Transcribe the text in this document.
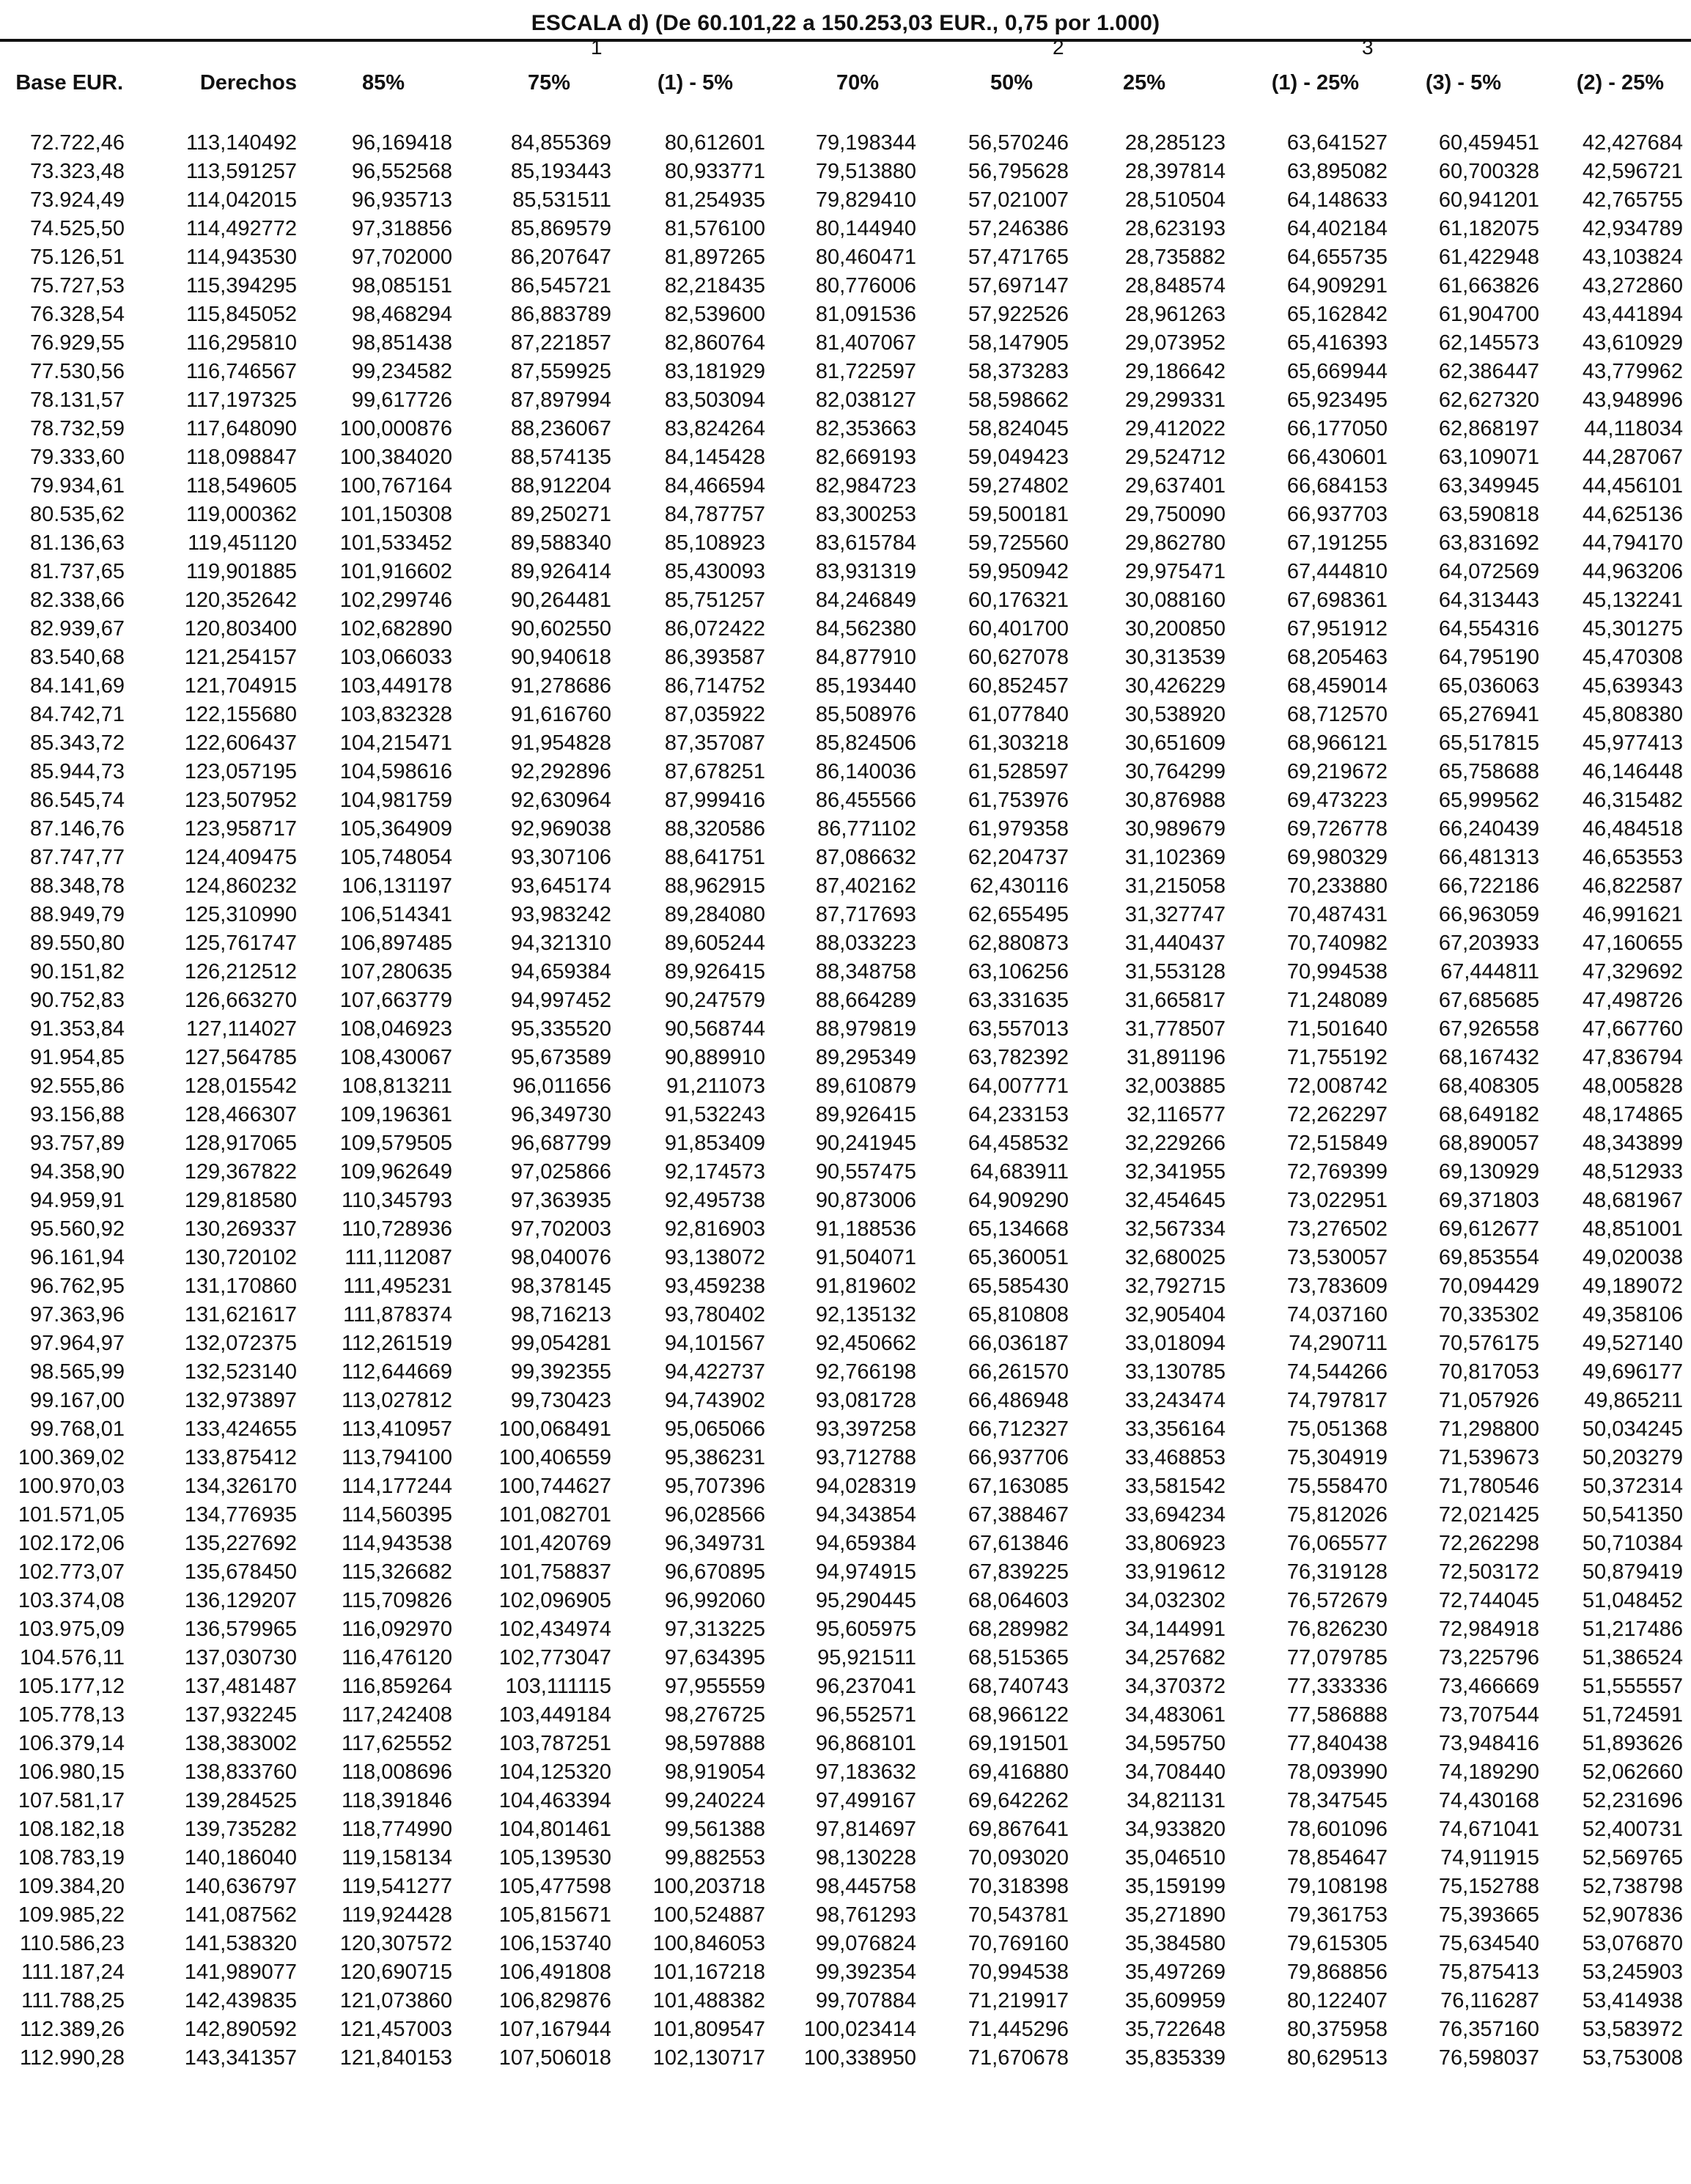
ESCALA d) (De 60.101,22 a 150.253,03 EUR., 0,75 por 1.000)
1	2	3
Base EUR.	Derechos	85%	75%	(1) - 5%	70%	50%	25%	(1) - 25%	(3) - 5%	(2) - 25%
72.722,46	113,140492	96,169418	84,855369	80,612601	79,198344	56,570246	28,285123	63,641527	60,459451	42,427684
73.323,48	113,591257	96,552568	85,193443	80,933771	79,513880	56,795628	28,397814	63,895082	60,700328	42,596721
73.924,49	114,042015	96,935713	85,531511	81,254935	79,829410	57,021007	28,510504	64,148633	60,941201	42,765755
74.525,50	114,492772	97,318856	85,869579	81,576100	80,144940	57,246386	28,623193	64,402184	61,182075	42,934789
75.126,51	114,943530	97,702000	86,207647	81,897265	80,460471	57,471765	28,735882	64,655735	61,422948	43,103824
75.727,53	115,394295	98,085151	86,545721	82,218435	80,776006	57,697147	28,848574	64,909291	61,663826	43,272860
76.328,54	115,845052	98,468294	86,883789	82,539600	81,091536	57,922526	28,961263	65,162842	61,904700	43,441894
76.929,55	116,295810	98,851438	87,221857	82,860764	81,407067	58,147905	29,073952	65,416393	62,145573	43,610929
77.530,56	116,746567	99,234582	87,559925	83,181929	81,722597	58,373283	29,186642	65,669944	62,386447	43,779962
78.131,57	117,197325	99,617726	87,897994	83,503094	82,038127	58,598662	29,299331	65,923495	62,627320	43,948996
78.732,59	117,648090	100,000876	88,236067	83,824264	82,353663	58,824045	29,412022	66,177050	62,868197	44,118034
79.333,60	118,098847	100,384020	88,574135	84,145428	82,669193	59,049423	29,524712	66,430601	63,109071	44,287067
79.934,61	118,549605	100,767164	88,912204	84,466594	82,984723	59,274802	29,637401	66,684153	63,349945	44,456101
80.535,62	119,000362	101,150308	89,250271	84,787757	83,300253	59,500181	29,750090	66,937703	63,590818	44,625136
81.136,63	119,451120	101,533452	89,588340	85,108923	83,615784	59,725560	29,862780	67,191255	63,831692	44,794170
81.737,65	119,901885	101,916602	89,926414	85,430093	83,931319	59,950942	29,975471	67,444810	64,072569	44,963206
82.338,66	120,352642	102,299746	90,264481	85,751257	84,246849	60,176321	30,088160	67,698361	64,313443	45,132241
82.939,67	120,803400	102,682890	90,602550	86,072422	84,562380	60,401700	30,200850	67,951912	64,554316	45,301275
83.540,68	121,254157	103,066033	90,940618	86,393587	84,877910	60,627078	30,313539	68,205463	64,795190	45,470308
84.141,69	121,704915	103,449178	91,278686	86,714752	85,193440	60,852457	30,426229	68,459014	65,036063	45,639343
84.742,71	122,155680	103,832328	91,616760	87,035922	85,508976	61,077840	30,538920	68,712570	65,276941	45,808380
85.343,72	122,606437	104,215471	91,954828	87,357087	85,824506	61,303218	30,651609	68,966121	65,517815	45,977413
85.944,73	123,057195	104,598616	92,292896	87,678251	86,140036	61,528597	30,764299	69,219672	65,758688	46,146448
86.545,74	123,507952	104,981759	92,630964	87,999416	86,455566	61,753976	30,876988	69,473223	65,999562	46,315482
87.146,76	123,958717	105,364909	92,969038	88,320586	86,771102	61,979358	30,989679	69,726778	66,240439	46,484518
87.747,77	124,409475	105,748054	93,307106	88,641751	87,086632	62,204737	31,102369	69,980329	66,481313	46,653553
88.348,78	124,860232	106,131197	93,645174	88,962915	87,402162	62,430116	31,215058	70,233880	66,722186	46,822587
88.949,79	125,310990	106,514341	93,983242	89,284080	87,717693	62,655495	31,327747	70,487431	66,963059	46,991621
89.550,80	125,761747	106,897485	94,321310	89,605244	88,033223	62,880873	31,440437	70,740982	67,203933	47,160655
90.151,82	126,212512	107,280635	94,659384	89,926415	88,348758	63,106256	31,553128	70,994538	67,444811	47,329692
90.752,83	126,663270	107,663779	94,997452	90,247579	88,664289	63,331635	31,665817	71,248089	67,685685	47,498726
91.353,84	127,114027	108,046923	95,335520	90,568744	88,979819	63,557013	31,778507	71,501640	67,926558	47,667760
91.954,85	127,564785	108,430067	95,673589	90,889910	89,295349	63,782392	31,891196	71,755192	68,167432	47,836794
92.555,86	128,015542	108,813211	96,011656	91,211073	89,610879	64,007771	32,003885	72,008742	68,408305	48,005828
93.156,88	128,466307	109,196361	96,349730	91,532243	89,926415	64,233153	32,116577	72,262297	68,649182	48,174865
93.757,89	128,917065	109,579505	96,687799	91,853409	90,241945	64,458532	32,229266	72,515849	68,890057	48,343899
94.358,90	129,367822	109,962649	97,025866	92,174573	90,557475	64,683911	32,341955	72,769399	69,130929	48,512933
94.959,91	129,818580	110,345793	97,363935	92,495738	90,873006	64,909290	32,454645	73,022951	69,371803	48,681967
95.560,92	130,269337	110,728936	97,702003	92,816903	91,188536	65,134668	32,567334	73,276502	69,612677	48,851001
96.161,94	130,720102	111,112087	98,040076	93,138072	91,504071	65,360051	32,680025	73,530057	69,853554	49,020038
96.762,95	131,170860	111,495231	98,378145	93,459238	91,819602	65,585430	32,792715	73,783609	70,094429	49,189072
97.363,96	131,621617	111,878374	98,716213	93,780402	92,135132	65,810808	32,905404	74,037160	70,335302	49,358106
97.964,97	132,072375	112,261519	99,054281	94,101567	92,450662	66,036187	33,018094	74,290711	70,576175	49,527140
98.565,99	132,523140	112,644669	99,392355	94,422737	92,766198	66,261570	33,130785	74,544266	70,817053	49,696177
99.167,00	132,973897	113,027812	99,730423	94,743902	93,081728	66,486948	33,243474	74,797817	71,057926	49,865211
99.768,01	133,424655	113,410957	100,068491	95,065066	93,397258	66,712327	33,356164	75,051368	71,298800	50,034245
100.369,02	133,875412	113,794100	100,406559	95,386231	93,712788	66,937706	33,468853	75,304919	71,539673	50,203279
100.970,03	134,326170	114,177244	100,744627	95,707396	94,028319	67,163085	33,581542	75,558470	71,780546	50,372314
101.571,05	134,776935	114,560395	101,082701	96,028566	94,343854	67,388467	33,694234	75,812026	72,021425	50,541350
102.172,06	135,227692	114,943538	101,420769	96,349731	94,659384	67,613846	33,806923	76,065577	72,262298	50,710384
102.773,07	135,678450	115,326682	101,758837	96,670895	94,974915	67,839225	33,919612	76,319128	72,503172	50,879419
103.374,08	136,129207	115,709826	102,096905	96,992060	95,290445	68,064603	34,032302	76,572679	72,744045	51,048452
103.975,09	136,579965	116,092970	102,434974	97,313225	95,605975	68,289982	34,144991	76,826230	72,984918	51,217486
104.576,11	137,030730	116,476120	102,773047	97,634395	95,921511	68,515365	34,257682	77,079785	73,225796	51,386524
105.177,12	137,481487	116,859264	103,111115	97,955559	96,237041	68,740743	34,370372	77,333336	73,466669	51,555557
105.778,13	137,932245	117,242408	103,449184	98,276725	96,552571	68,966122	34,483061	77,586888	73,707544	51,724591
106.379,14	138,383002	117,625552	103,787251	98,597888	96,868101	69,191501	34,595750	77,840438	73,948416	51,893626
106.980,15	138,833760	118,008696	104,125320	98,919054	97,183632	69,416880	34,708440	78,093990	74,189290	52,062660
107.581,17	139,284525	118,391846	104,463394	99,240224	97,499167	69,642262	34,821131	78,347545	74,430168	52,231696
108.182,18	139,735282	118,774990	104,801461	99,561388	97,814697	69,867641	34,933820	78,601096	74,671041	52,400731
108.783,19	140,186040	119,158134	105,139530	99,882553	98,130228	70,093020	35,046510	78,854647	74,911915	52,569765
109.384,20	140,636797	119,541277	105,477598	100,203718	98,445758	70,318398	35,159199	79,108198	75,152788	52,738798
109.985,22	141,087562	119,924428	105,815671	100,524887	98,761293	70,543781	35,271890	79,361753	75,393665	52,907836
110.586,23	141,538320	120,307572	106,153740	100,846053	99,076824	70,769160	35,384580	79,615305	75,634540	53,076870
111.187,24	141,989077	120,690715	106,491808	101,167218	99,392354	70,994538	35,497269	79,868856	75,875413	53,245903
111.788,25	142,439835	121,073860	106,829876	101,488382	99,707884	71,219917	35,609959	80,122407	76,116287	53,414938
112.389,26	142,890592	121,457003	107,167944	101,809547	100,023414	71,445296	35,722648	80,375958	76,357160	53,583972
112.990,28	143,341357	121,840153	107,506018	102,130717	100,338950	71,670678	35,835339	80,629513	76,598037	53,753008
